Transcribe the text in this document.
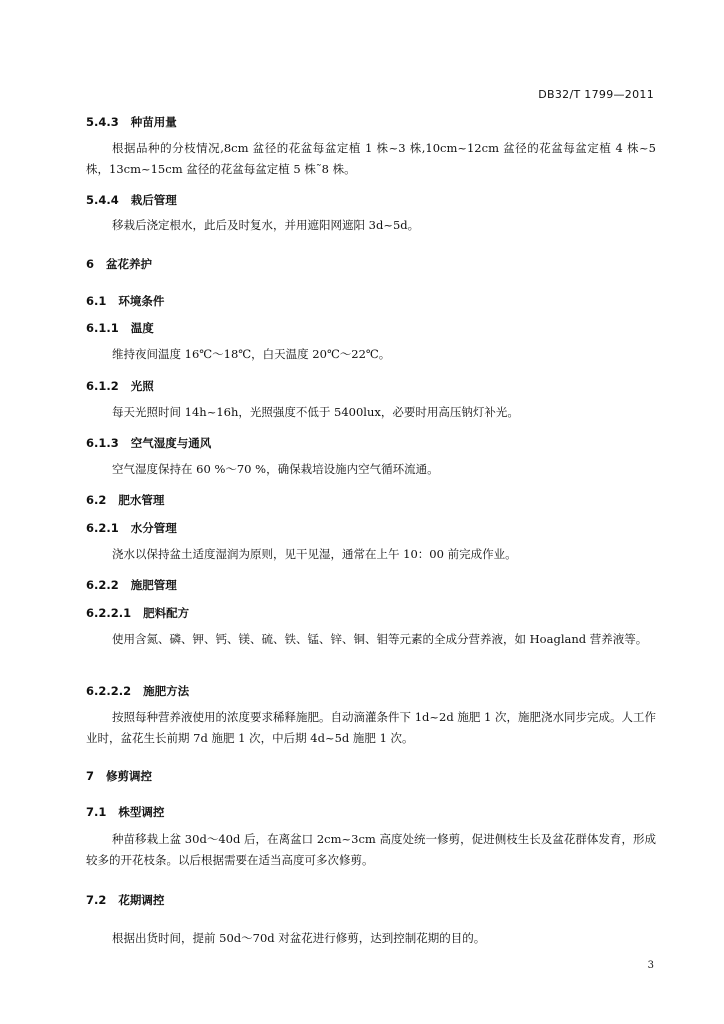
DB32/T 1799—2011
5.4.3 种苗用量
根据品种的分枝情况,8cm 盆径的花盆每盆定植 1 株~3 株,10cm~12cm 盆径的花盆每盆定植 4 株~5 株，13cm~15cm 盆径的花盆每盆定植 5 株˜8 株。
5.4.4 栽后管理
移栽后浇定根水，此后及时复水，并用遮阳网遮阳 3d~5d。
6 盆花养护
6.1 环境条件
6.1.1 温度
维持夜间温度 16℃～18℃，白天温度 20℃～22℃。
6.1.2 光照
每天光照时间 14h~16h，光照强度不低于 5400lux，必要时用高压钠灯补光。
6.1.3 空气湿度与通风
空气湿度保持在 60 %～70 %，确保栽培设施内空气循环流通。
6.2 肥水管理
6.2.1 水分管理
浇水以保持盆土适度湿润为原则，见干见湿，通常在上午 10：00 前完成作业。
6.2.2 施肥管理
6.2.2.1 肥料配方
使用含氮、磷、钾、钙、镁、硫、铁、锰、锌、铜、钼等元素的全成分营养液，如 Hoagland 营养液等。
6.2.2.2 施肥方法
按照每种营养液使用的浓度要求稀释施肥。自动滴灌条件下 1d~2d 施肥 1 次，施肥浇水同步完成。人工作业时，盆花生长前期 7d 施肥 1 次，中后期 4d~5d 施肥 1 次。
7 修剪调控
7.1 株型调控
种苗移栽上盆 30d～40d 后，在离盆口 2cm~3cm 高度处统一修剪，促进侧枝生长及盆花群体发育，形成较多的开花枝条。以后根据需要在适当高度可多次修剪。
7.2 花期调控
根据出货时间，提前 50d～70d 对盆花进行修剪，达到控制花期的目的。
3
